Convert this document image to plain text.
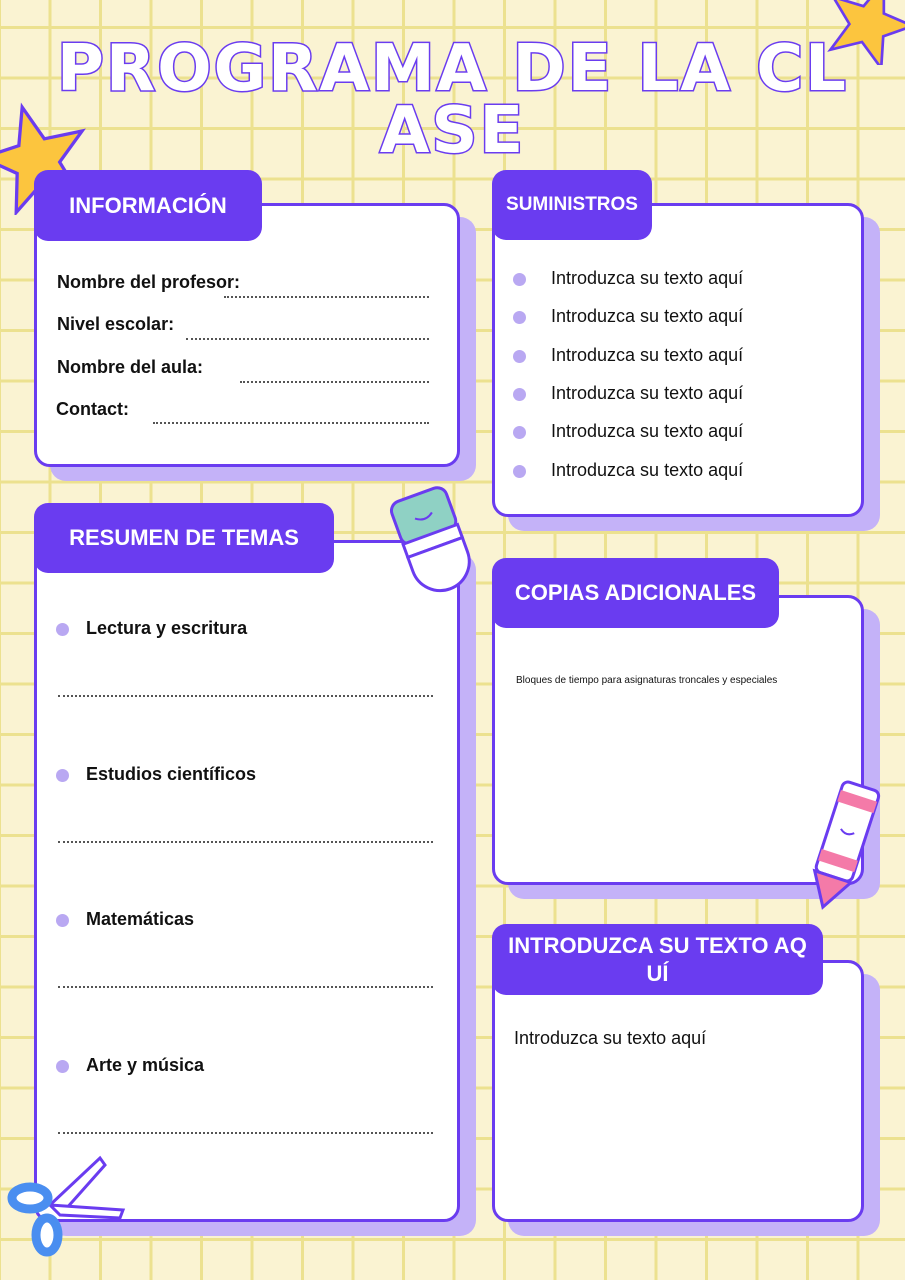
PROGRAMA DE LA CL
ASE
INFORMACIÓN
Nombre del profesor:
Nivel escolar:
Nombre del aula:
Contact:
SUMINISTROS
Introduzca su texto aquí
Introduzca su texto aquí
Introduzca su texto aquí
Introduzca su texto aquí
Introduzca su texto aquí
Introduzca su texto aquí
RESUMEN DE TEMAS
Lectura y escritura
Estudios científicos
Matemáticas
Arte y música
COPIAS ADICIONALES
Bloques de tiempo para asignaturas troncales y especiales
INTRODUZCA SU TEXTO AQUÍ
Introduzca su texto aquí
